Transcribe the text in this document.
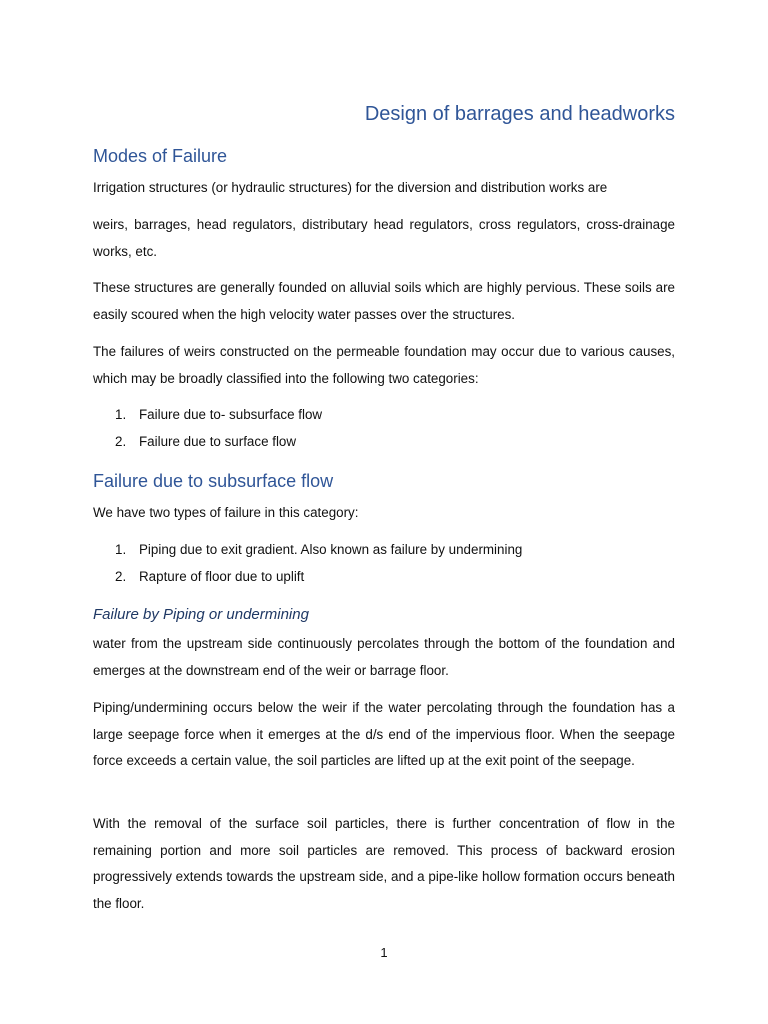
Design of barrages and headworks
Modes of Failure

Irrigation structures (or hydraulic structures) for the diversion and distribution works are

weirs, barrages, head regulators, distributary head regulators, cross regulators, cross-drainage works, etc.

These structures are generally founded on alluvial soils which are highly pervious. These soils are easily scoured when the high velocity water passes over the structures.

The failures of weirs constructed on the permeable foundation may occur due to various causes, which may be broadly classified into the following two categories:

1. Failure due to- subsurface flow
2. Failure due to surface flow
Failure due to subsurface flow

We have two types of failure in this category:

1. Piping due to exit gradient. Also known as failure by undermining
2. Rapture of floor due to uplift
Failure by Piping or undermining

water from the upstream side continuously percolates through the bottom of the foundation and emerges at the downstream end of the weir or barrage floor.

Piping/undermining occurs below the weir if the water percolating through the foundation has a large seepage force when it emerges at the d/s end of the impervious floor. When the seepage force exceeds a certain value, the soil particles are lifted up at the exit point of the seepage.

With the removal of the surface soil particles, there is further concentration of flow in the remaining portion and more soil particles are removed. This process of backward erosion progressively extends towards the upstream side, and a pipe-like hollow formation occurs beneath the floor.

1
